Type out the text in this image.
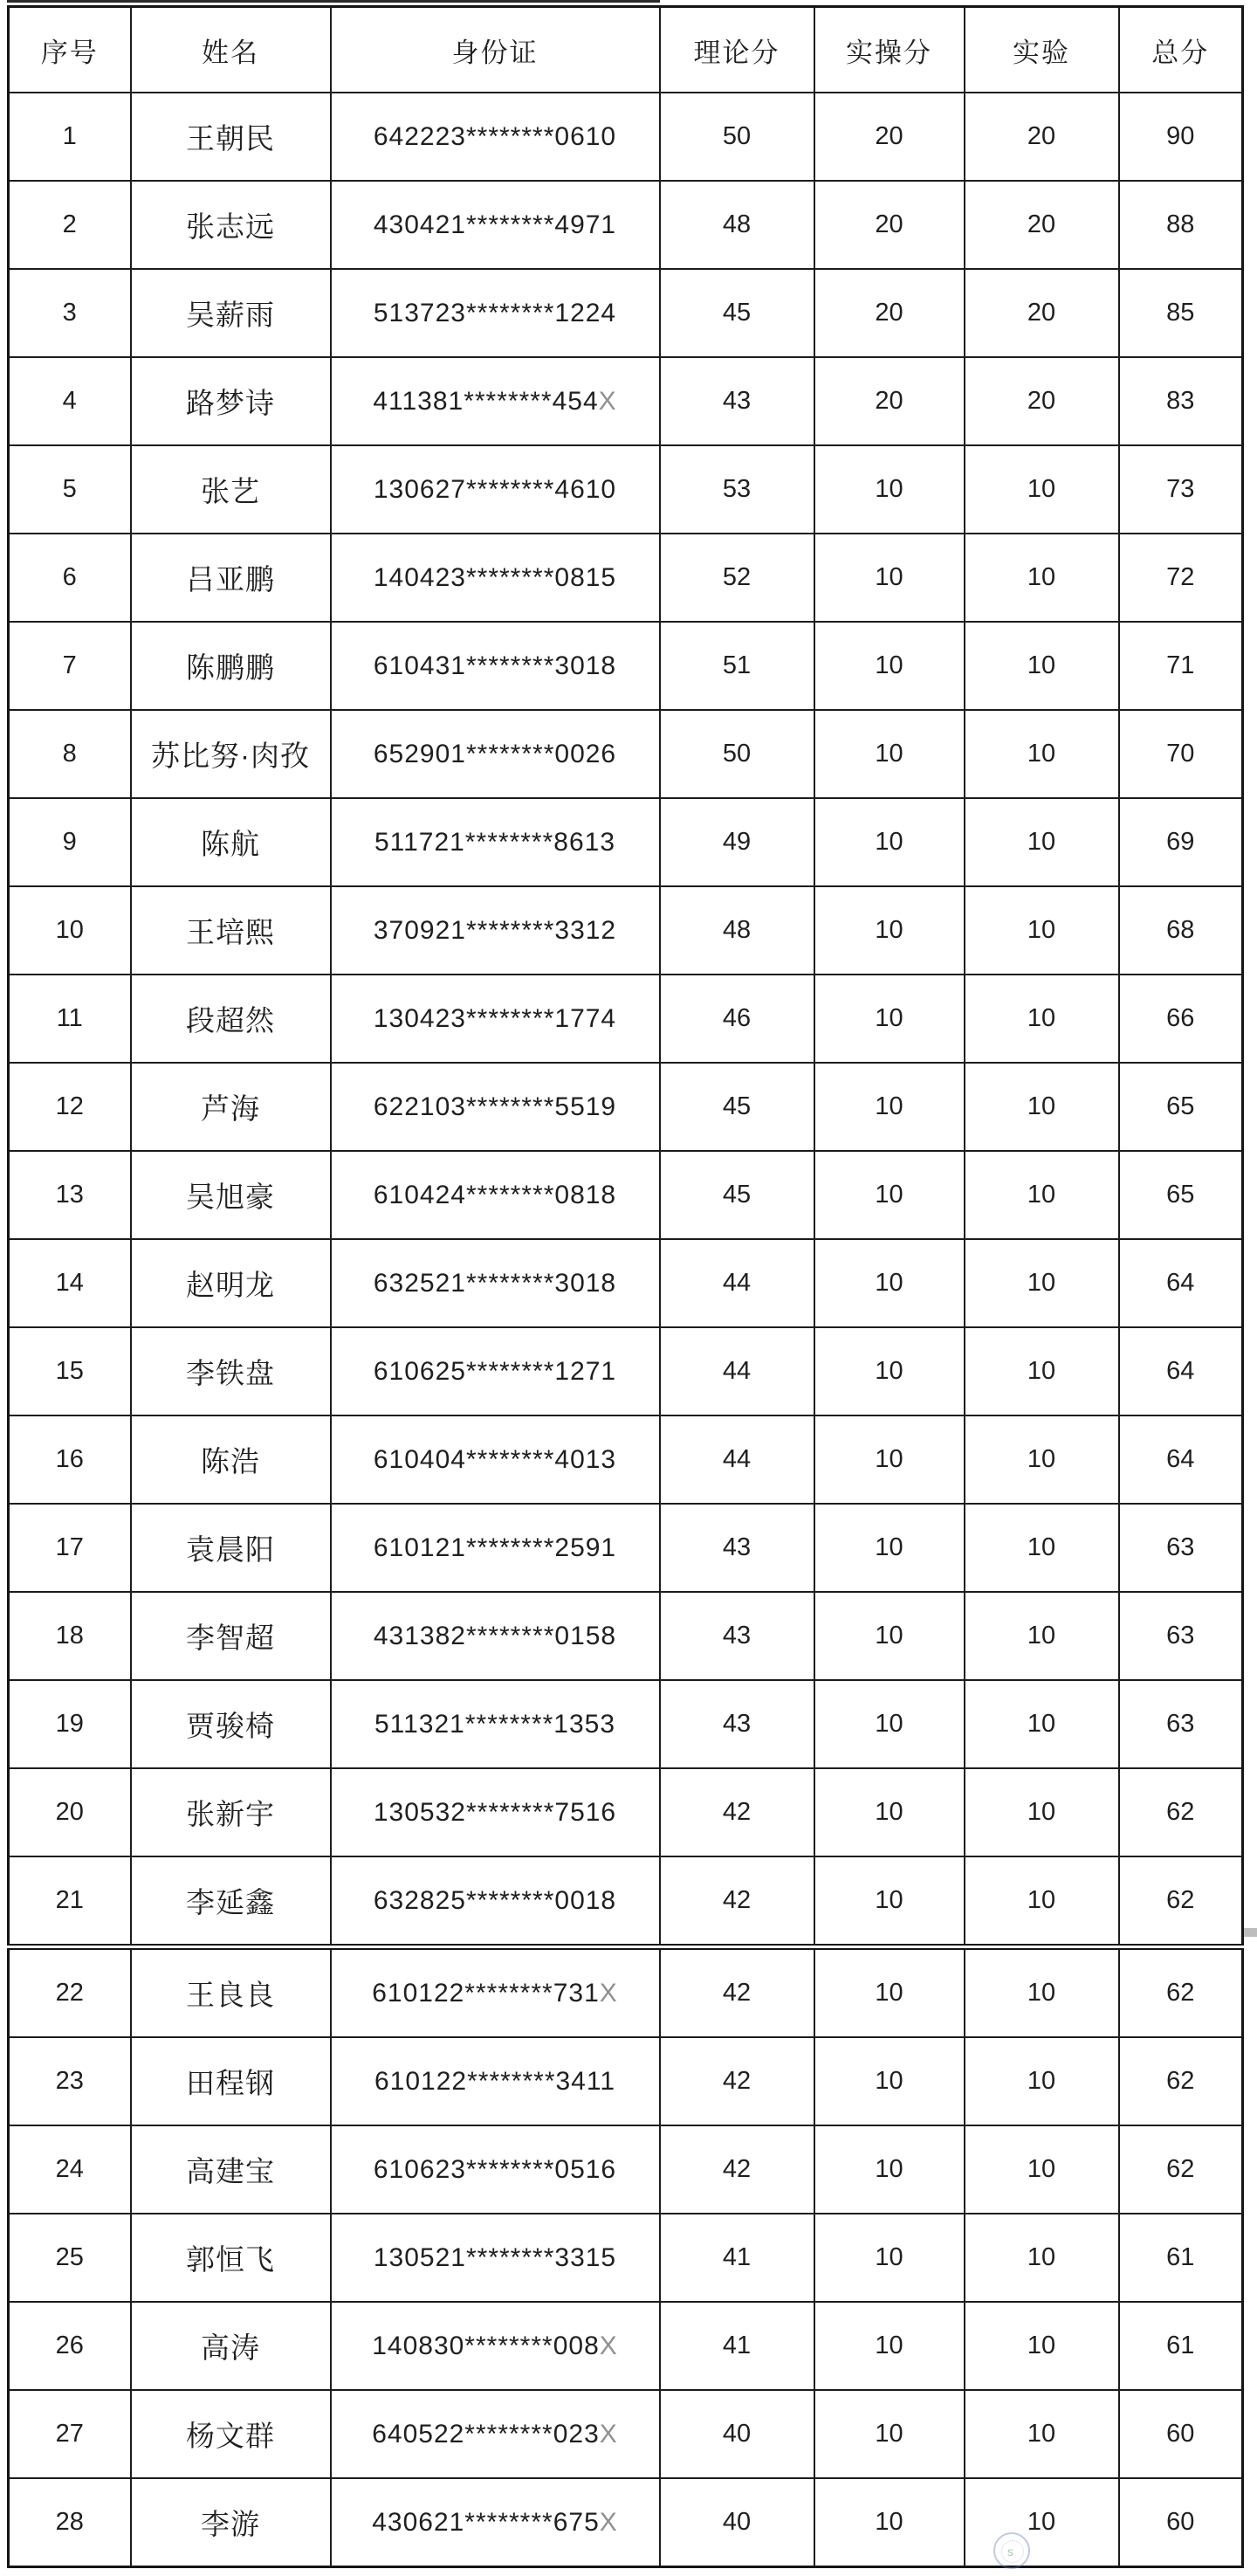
序号	姓名	身份证	理论分	实操分	实验	总分
1	王朝民	642223********0610	50	20	20	90
2	张志远	430421********4971	48	20	20	88
3	吴薪雨	513723********1224	45	20	20	85
4	路梦诗	411381********454X	43	20	20	83
5	张艺	130627********4610	53	10	10	73
6	吕亚鹏	140423********0815	52	10	10	72
7	陈鹏鹏	610431********3018	51	10	10	71
8	苏比努·肉孜	652901********0026	50	10	10	70
9	陈航	511721********8613	49	10	10	69
10	王培熙	370921********3312	48	10	10	68
11	段超然	130423********1774	46	10	10	66
12	芦海	622103********5519	45	10	10	65
13	吴旭豪	610424********0818	45	10	10	65
14	赵明龙	632521********3018	44	10	10	64
15	李铁盘	610625********1271	44	10	10	64
16	陈浩	610404********4013	44	10	10	64
17	袁晨阳	610121********2591	43	10	10	63
18	李智超	431382********0158	43	10	10	63
19	贾骏椅	511321********1353	43	10	10	63
20	张新宇	130532********7516	42	10	10	62
21	李延鑫	632825********0018	42	10	10	62
22	王良良	610122********731X	42	10	10	62
23	田程钢	610122********3411	42	10	10	62
24	高建宝	610623********0516	42	10	10	62
25	郭恒飞	130521********3315	41	10	10	61
26	高涛	140830********008X	41	10	10	61
27	杨文群	640522********023X	40	10	10	60
28	李游	430621********675X	40	10	10	60
s
